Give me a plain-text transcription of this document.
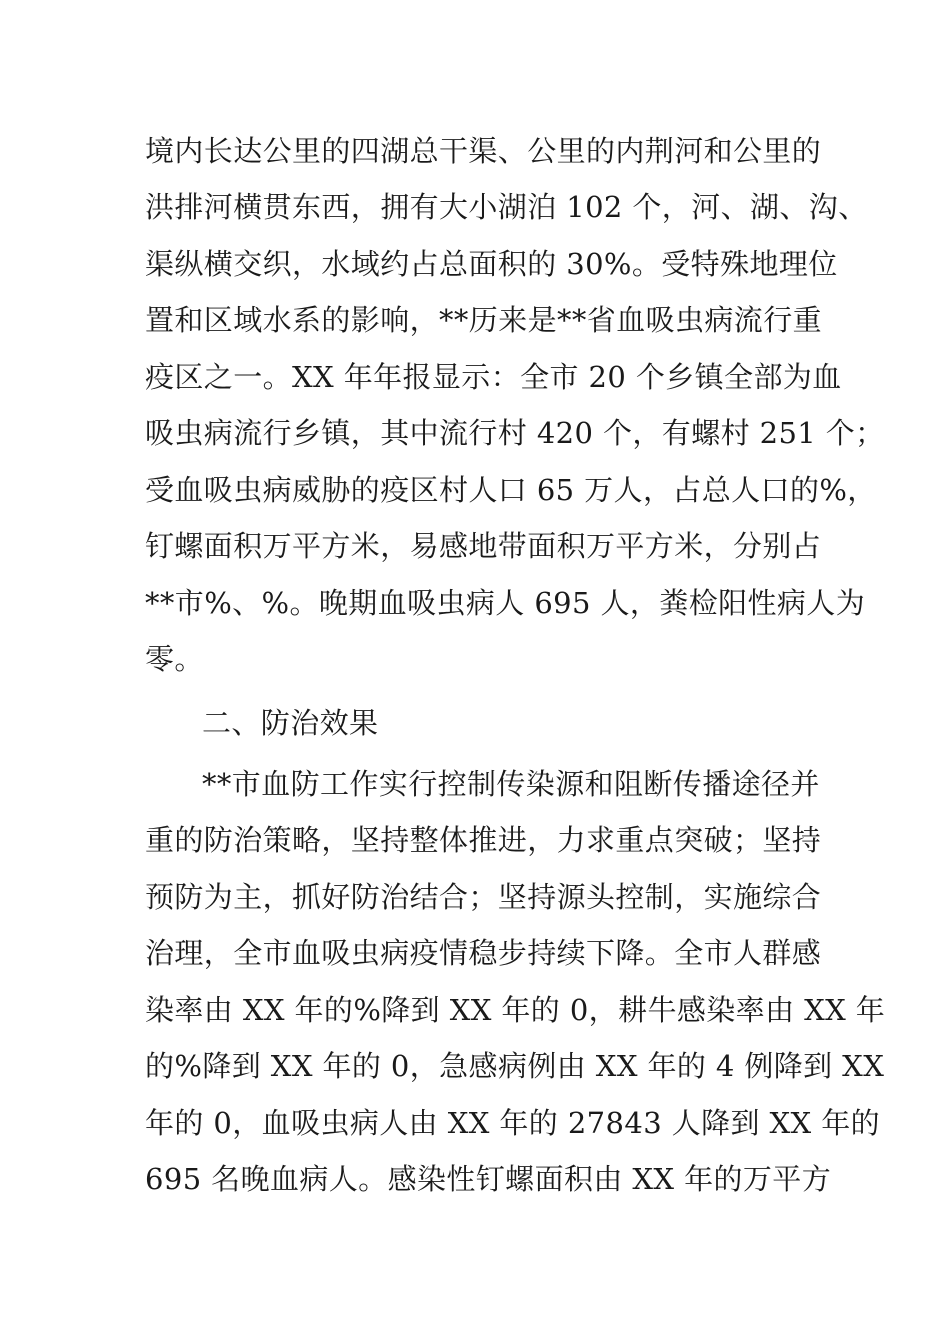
境内长达公里的四湖总干渠、公里的内荆河和公里的
洪排河横贯东西，拥有大小湖泊 102 个，河、湖、沟、
渠纵横交织，水域约占总面积的 30%。受特殊地理位
置和区域水系的影响，**历来是**省血吸虫病流行重
疫区之一。XX 年年报显示：全市 20 个乡镇全部为血
吸虫病流行乡镇，其中流行村 420 个，有螺村 251 个；
受血吸虫病威胁的疫区村人口 65 万人，占总人口的%，
钉螺面积万平方米，易感地带面积万平方米，分别占
**市%、%。晚期血吸虫病人 695 人，粪检阳性病人为
零。
二、防治效果
**市血防工作实行控制传染源和阻断传播途径并
重的防治策略，坚持整体推进，力求重点突破；坚持
预防为主，抓好防治结合；坚持源头控制，实施综合
治理，全市血吸虫病疫情稳步持续下降。全市人群感
染率由 XX 年的%降到 XX 年的 0，耕牛感染率由 XX 年
的%降到 XX 年的 0，急感病例由 XX 年的 4 例降到 XX
年的 0，血吸虫病人由 XX 年的 27843 人降到 XX 年的
695 名晚血病人。感染性钉螺面积由 XX 年的万平方
